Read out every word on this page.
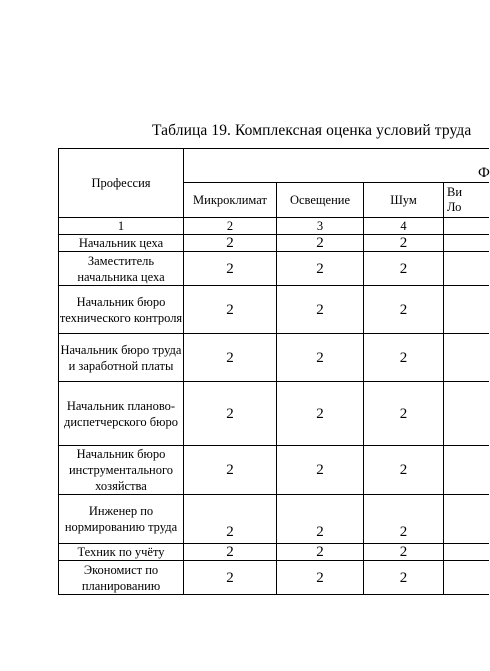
Таблица 19. Комплексная оценка условий труда
Профессия	Ф			

	Микроклимат	Освещение	Шум	Ви
Ло

1	2	3	4	
Начальник цеха	2	2	2	
Заместитель начальника цеха	2	2	2	
Начальник бюро технического контроля	2	2	2	
Начальник бюро труда и заработной платы	2	2	2	
Начальник планово-диспетчерского бюро	2	2	2	
Начальник бюро инструментального хозяйства	2	2	2	
Инженер по нормированию труда	2	2	2	
Техник по учёту	2	2	2	
Экономист по планированию	2	2	2	
